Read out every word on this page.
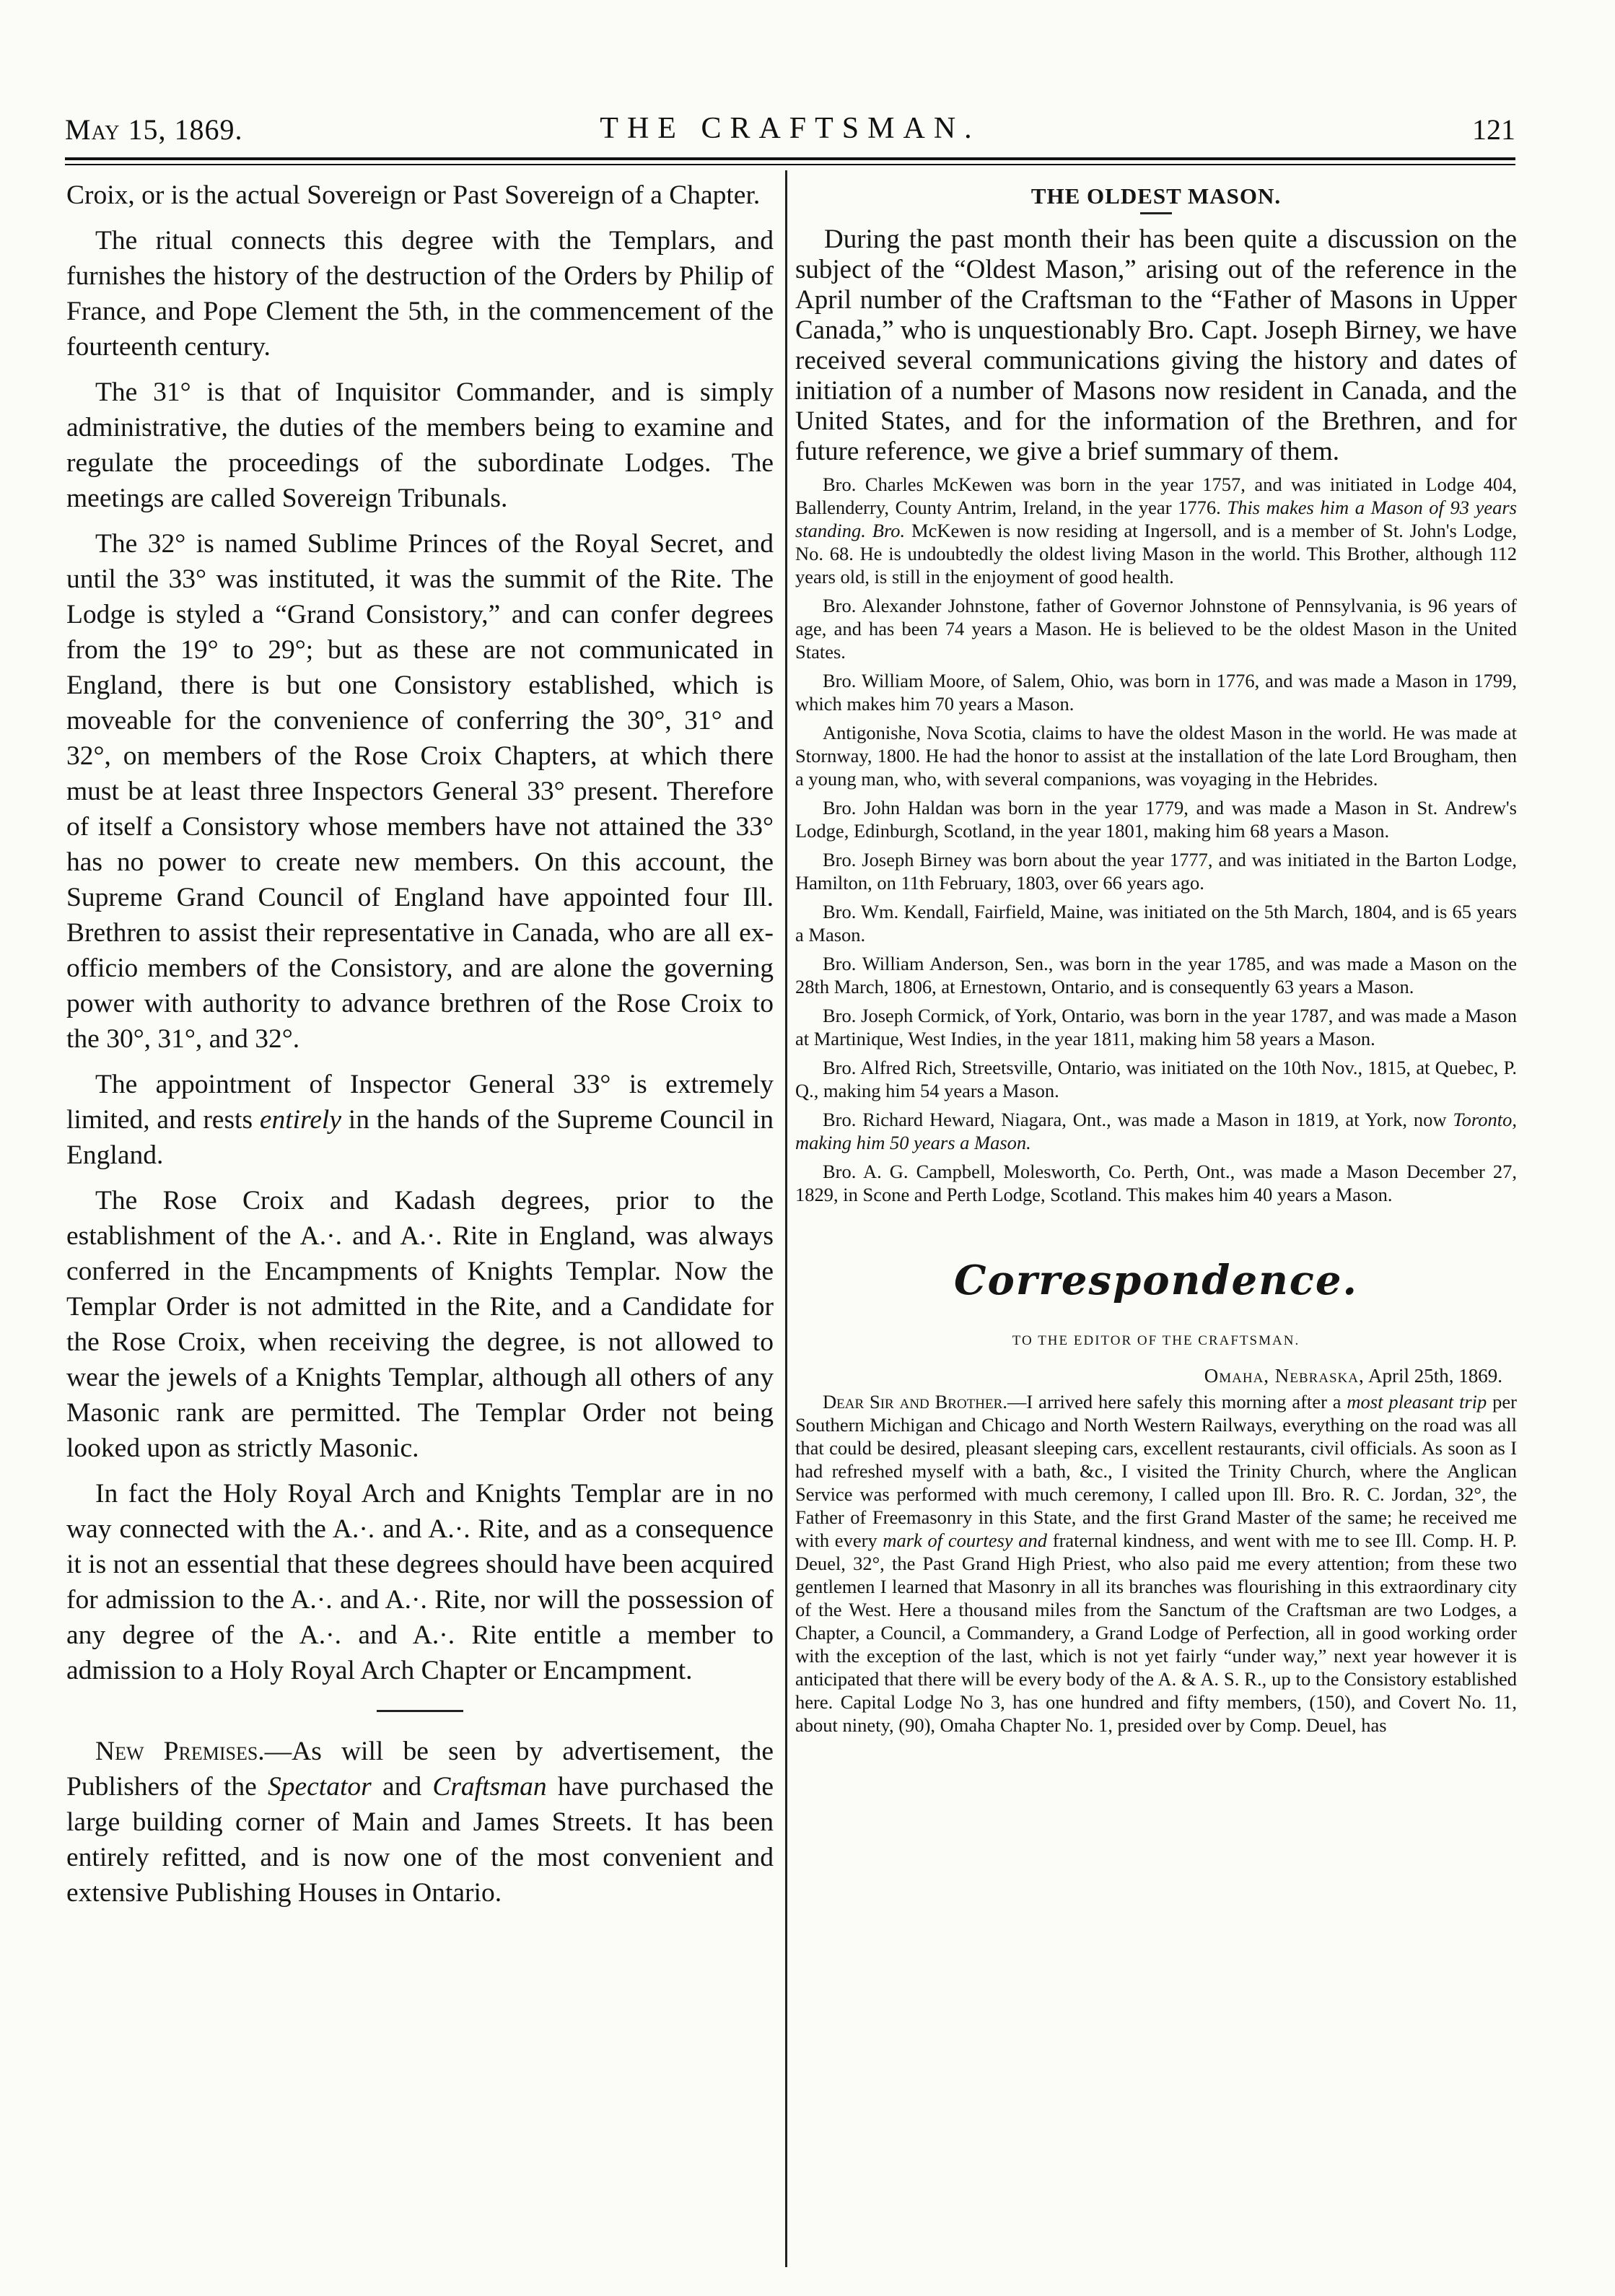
May 15, 1869.	THE CRAFTSMAN.	121

Croix, or is the actual Sovereign or Past Sovereign of a Chapter.

The ritual connects this degree with the Templars, and furnishes the history of the destruction of the Orders by Philip of France, and Pope Clement the 5th, in the commencement of the fourteenth century.

The 31° is that of Inquisitor Commander, and is simply administrative, the duties of the members being to examine and regulate the proceedings of the subordinate Lodges. The meetings are called Sovereign Tribunals.

The 32° is named Sublime Princes of the Royal Secret, and until the 33° was instituted, it was the summit of the Rite. The Lodge is styled a “Grand Consistory,” and can confer degrees from the 19° to 29°; but as these are not communicated in England, there is but one Consistory established, which is moveable for the convenience of conferring the 30°, 31° and 32°, on members of the Rose Croix Chapters, at which there must be at least three Inspectors General 33° present. Therefore of itself a Consistory whose members have not attained the 33° has no power to create new members. On this account, the Supreme Grand Council of England have appointed four Ill. Brethren to assist their representative in Canada, who are all ex-officio members of the Consistory, and are alone the governing power with authority to advance brethren of the Rose Croix to the 30°, 31°, and 32°.

The appointment of Inspector General 33° is extremely limited, and rests entirely in the hands of the Supreme Council in England.

The Rose Croix and Kadash degrees, prior to the establishment of the A.·. and A.·. Rite in England, was always conferred in the Encampments of Knights Templar. Now the Templar Order is not admitted in the Rite, and a Candidate for the Rose Croix, when receiving the degree, is not allowed to wear the jewels of a Knights Templar, although all others of any Masonic rank are permitted. The Templar Order not being looked upon as strictly Masonic.

In fact the Holy Royal Arch and Knights Templar are in no way connected with the A.·. and A.·. Rite, and as a consequence it is not an essential that these degrees should have been acquired for admission to the A.·. and A.·. Rite, nor will the possession of any degree of the A.·. and A.·. Rite entitle a member to admission to a Holy Royal Arch Chapter or Encampment.

New Premises.—As will be seen by advertisement, the Publishers of the Spectator and Craftsman have purchased the large building corner of Main and James Streets. It has been entirely refitted, and is now one of the most convenient and extensive Publishing Houses in Ontario.

THE OLDEST MASON.

During the past month their has been quite a discussion on the subject of the “Oldest Mason,” arising out of the reference in the April number of the Craftsman to the “Father of Masons in Upper Canada,” who is unquestionably Bro. Capt. Joseph Birney, we have received several communications giving the history and dates of initiation of a number of Masons now resident in Canada, and the United States, and for the information of the Brethren, and for future reference, we give a brief summary of them.

Bro. Charles McKewen was born in the year 1757, and was initiated in Lodge 404, Ballenderry, County Antrim, Ireland, in the year 1776. This makes him a Mason of 93 years standing. Bro. McKewen is now residing at Ingersoll, and is a member of St. John's Lodge, No. 68. He is undoubtedly the oldest living Mason in the world. This Brother, although 112 years old, is still in the enjoyment of good health.

Bro. Alexander Johnstone, father of Governor Johnstone of Pennsylvania, is 96 years of age, and has been 74 years a Mason. He is believed to be the oldest Mason in the United States.

Bro. William Moore, of Salem, Ohio, was born in 1776, and was made a Mason in 1799, which makes him 70 years a Mason.

Antigonishe, Nova Scotia, claims to have the oldest Mason in the world. He was made at Stornway, 1800. He had the honor to assist at the installation of the late Lord Brougham, then a young man, who, with several companions, was voyaging in the Hebrides.

Bro. John Haldan was born in the year 1779, and was made a Mason in St. Andrew's Lodge, Edinburgh, Scotland, in the year 1801, making him 68 years a Mason.

Bro. Joseph Birney was born about the year 1777, and was initiated in the Barton Lodge, Hamilton, on 11th February, 1803, over 66 years ago.

Bro. Wm. Kendall, Fairfield, Maine, was initiated on the 5th March, 1804, and is 65 years a Mason.

Bro. William Anderson, Sen., was born in the year 1785, and was made a Mason on the 28th March, 1806, at Ernestown, Ontario, and is consequently 63 years a Mason.

Bro. Joseph Cormick, of York, Ontario, was born in the year 1787, and was made a Mason at Martinique, West Indies, in the year 1811, making him 58 years a Mason.

Bro. Alfred Rich, Streetsville, Ontario, was initiated on the 10th Nov., 1815, at Quebec, P. Q., making him 54 years a Mason.

Bro. Richard Heward, Niagara, Ont., was made a Mason in 1819, at York, now Toronto, making him 50 years a Mason.

Bro. A. G. Campbell, Molesworth, Co. Perth, Ont., was made a Mason December 27, 1829, in Scone and Perth Lodge, Scotland. This makes him 40 years a Mason.

Correspondence.
TO THE EDITOR OF THE CRAFTSMAN.
Omaha, Nebraska, April 25th, 1869.

Dear Sir and Brother.—I arrived here safely this morning after a most pleasant trip per Southern Michigan and Chicago and North Western Railways, everything on the road was all that could be desired, pleasant sleeping cars, excellent restaurants, civil officials. As soon as I had refreshed myself with a bath, &c., I visited the Trinity Church, where the Anglican Service was performed with much ceremony, I called upon Ill. Bro. R. C. Jordan, 32°, the Father of Freemasonry in this State, and the first Grand Master of the same; he received me with every mark of courtesy and fraternal kindness, and went with me to see Ill. Comp. H. P. Deuel, 32°, the Past Grand High Priest, who also paid me every attention; from these two gentlemen I learned that Masonry in all its branches was flourishing in this extraordinary city of the West. Here a thousand miles from the Sanctum of the Craftsman are two Lodges, a Chapter, a Council, a Commandery, a Grand Lodge of Perfection, all in good working order with the exception of the last, which is not yet fairly “under way,” next year however it is anticipated that there will be every body of the A. & A. S. R., up to the Consistory established here. Capital Lodge No 3, has one hundred and fifty members, (150), and Covert No. 11, about ninety, (90), Omaha Chapter No. 1, presided over by Comp. Deuel, has
